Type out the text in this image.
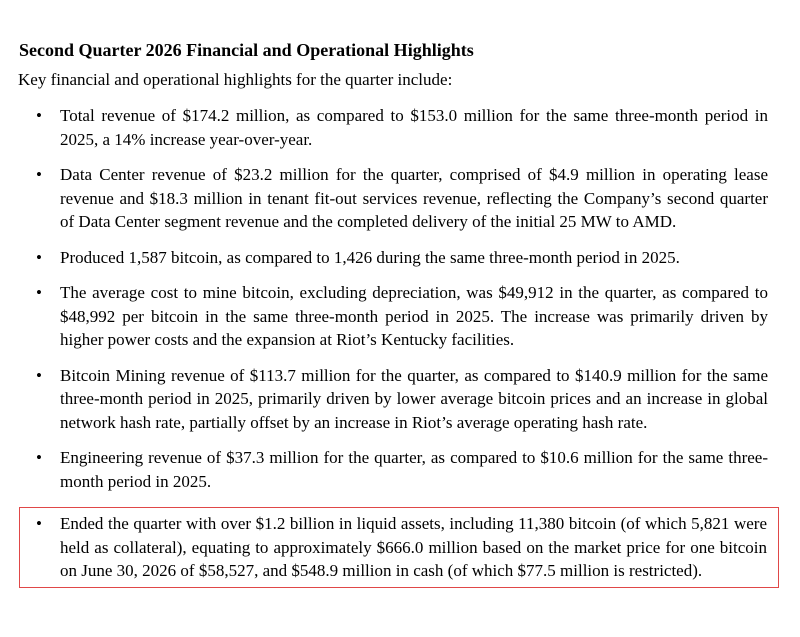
Second Quarter 2026 Financial and Operational Highlights
Key financial and operational highlights for the quarter include:
• Total revenue of $174.2 million, as compared to $153.0 million for the same three-month period in 2025, a 14% increase year-over-year.
• Data Center revenue of $23.2 million for the quarter, comprised of $4.9 million in operating lease revenue and $18.3 million in tenant fit-out services revenue, reflecting the Company’s second quarter of Data Center segment revenue and the completed delivery of the initial 25 MW to AMD.
• Produced 1,587 bitcoin, as compared to 1,426 during the same three-month period in 2025.
• The average cost to mine bitcoin, excluding depreciation, was $49,912 in the quarter, as compared to $48,992 per bitcoin in the same three-month period in 2025. The increase was primarily driven by higher power costs and the expansion at Riot’s Kentucky facilities.
• Bitcoin Mining revenue of $113.7 million for the quarter, as compared to $140.9 million for the same three-month period in 2025, primarily driven by lower average bitcoin prices and an increase in global network hash rate, partially offset by an increase in Riot’s average operating hash rate.
• Engineering revenue of $37.3 million for the quarter, as compared to $10.6 million for the same three-month period in 2025.
• Ended the quarter with over $1.2 billion in liquid assets, including 11,380 bitcoin (of which 5,821 were held as collateral), equating to approximately $666.0 million based on the market price for one bitcoin on June 30, 2026 of $58,527, and $548.9 million in cash (of which $77.5 million is restricted).
